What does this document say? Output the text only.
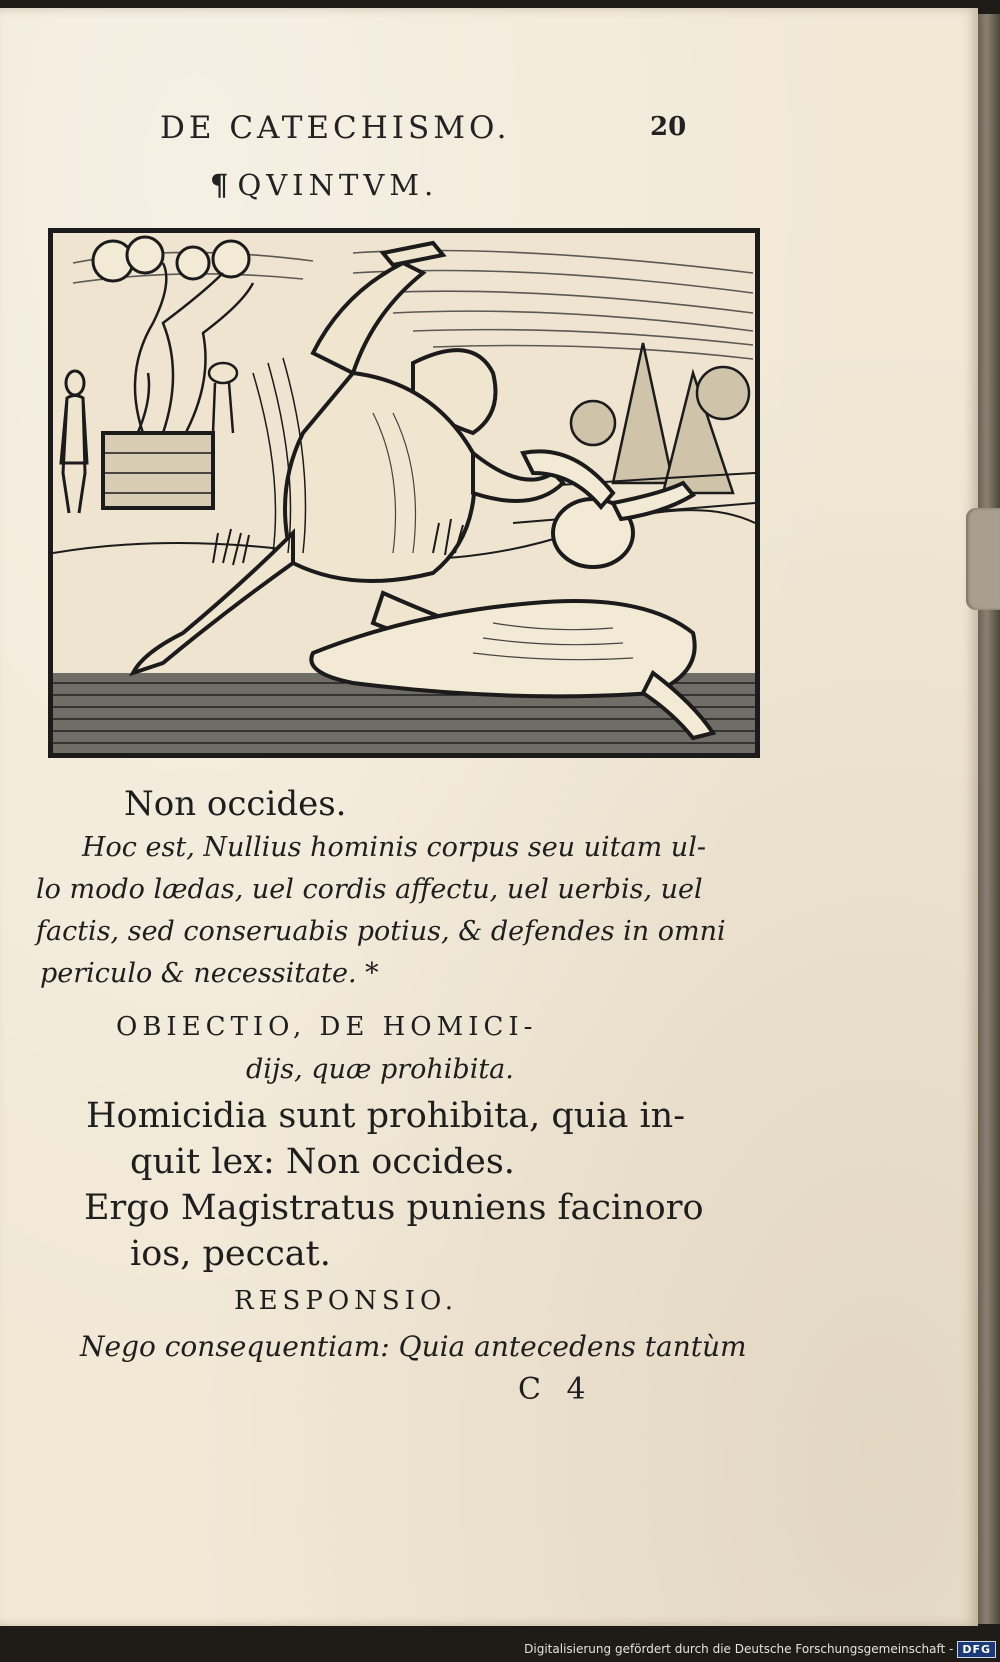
DE CATECHISMO.	20
¶ QVINTVM.
Non occides.
Hoc est, Nullius hominis corpus seu uitam ul-
lo modo lædas, uel cordis affectu, uel uerbis, uel
factis, sed conseruabis potius, & defendes in omni
periculo & necessitate. *
OBIECTIO, DE HOMICI-
dijs, quæ prohibita.
Homicidia sunt prohibita, quia in-
quit lex: Non occides.
Ergo Magistratus puniens facinoro
ios, peccat.
RESPONSIO.
Nego consequentiam: Quia antecedens tantùm
C 4
Digitalisierung gefördert durch die Deutsche Forschungsgemeinschaft - DFG
